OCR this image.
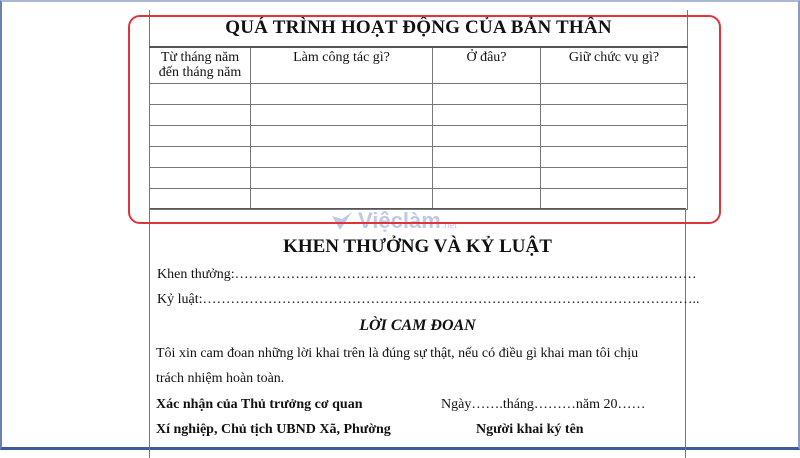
QUÁ TRÌNH HOẠT ĐỘNG CỦA BẢN THÂN			

Từ tháng năm
đến tháng năm	Làm công tác gì?	Ở đâu?	Giữ chức vụ gì?

Việclàm .net
KHEN THƯỞNG VÀ KỶ LUẬT
Khen thưởng:………………………………………………………………………………………
Kỷ luật:……………………………………………………………………………………………..
LỜI CAM ĐOAN
Tôi xin cam đoan những lời khai trên là đúng sự thật, nếu có điều gì khai man tôi chịu
trách nhiệm hoàn toàn.
Xác nhận của Thủ trưởng cơ quan	Ngày…….tháng………năm 20……
Xí nghiệp, Chủ tịch UBND Xã, Phường	Người khai ký tên
